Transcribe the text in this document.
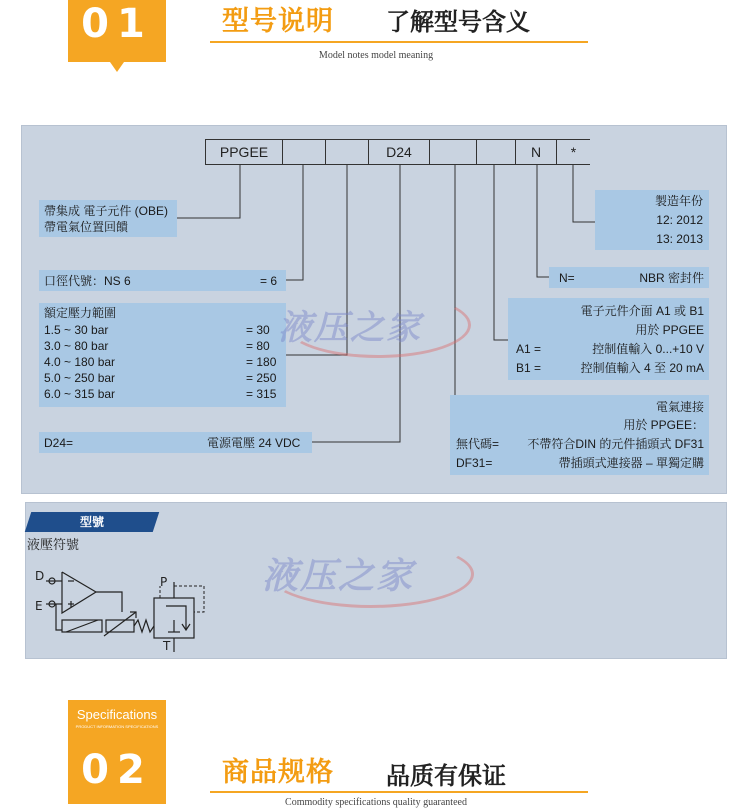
01	型号说明 了解型号含义
Model notes model meaning
PPGEE	D24	N	*
帶集成 電子元件 (OBE)
帶電氣位置回饋
口徑代號：NS 6	= 6
額定壓力範圍
1.5 ~ 30 bar	= 30
3.0 ~ 80 bar	= 80
4.0 ~ 180 bar	= 180
5.0 ~ 250 bar	= 250
6.0 ~ 315 bar	= 315
D24=	電源電壓 24 VDC
製造年份
12: 2012
13: 2013
N=	NBR 密封件
電子元件介面 A1 或 B1
用於 PPGEE
A1 =	控制值輸入 0...+10 V
B1 =	控制值輸入 4 至 20 mA
電氣連接
用於 PPGEE：
無代碼= 不帶符合DIN 的元件插頭式 DF31
DF31=	帶插頭式連接器 – 單獨定購
液压之家
型號
液壓符號
D
E
P
T
液压之家
Specifications
PRODUCT INFORMATION SPECIFICATIONS
02	商品规格 品质有保证
Commodity specifications quality guaranteed
